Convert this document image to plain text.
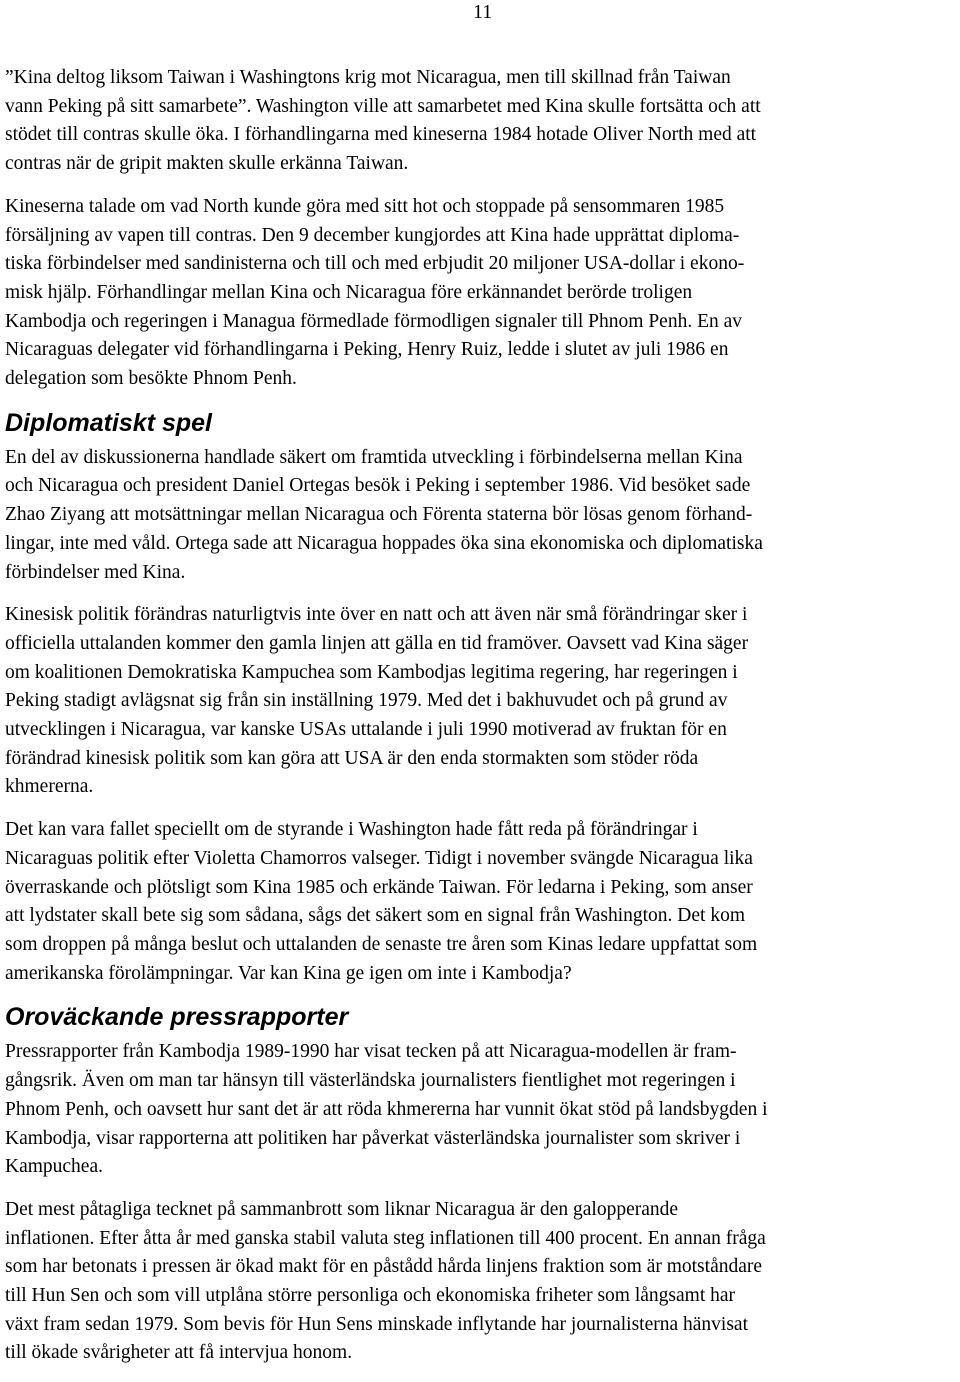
11
”Kina deltog liksom Taiwan i Washingtons krig mot Nicaragua, men till skillnad från Taiwan
vann Peking på sitt samarbete”. Washington ville att samarbetet med Kina skulle fortsätta och att
stödet till contras skulle öka. I förhandlingarna med kineserna 1984 hotade Oliver North med att
contras när de gripit makten skulle erkänna Taiwan.
Kineserna talade om vad North kunde göra med sitt hot och stoppade på sensommaren 1985
försäljning av vapen till contras. Den 9 december kungjordes att Kina hade upprättat diploma-
tiska förbindelser med sandinisterna och till och med erbjudit 20 miljoner USA-dollar i ekono-
misk hjälp. Förhandlingar mellan Kina och Nicaragua före erkännandet berörde troligen
Kambodja och regeringen i Managua förmedlade förmodligen signaler till Phnom Penh. En av
Nicaraguas delegater vid förhandlingarna i Peking, Henry Ruiz, ledde i slutet av juli 1986 en
delegation som besökte Phnom Penh.
Diplomatiskt spel
En del av diskussionerna handlade säkert om framtida utveckling i förbindelserna mellan Kina
och Nicaragua och president Daniel Ortegas besök i Peking i september 1986. Vid besöket sade
Zhao Ziyang att motsättningar mellan Nicaragua och Förenta staterna bör lösas genom förhand-
lingar, inte med våld. Ortega sade att Nicaragua hoppades öka sina ekonomiska och diplomatiska
förbindelser med Kina.
Kinesisk politik förändras naturligtvis inte över en natt och att även när små förändringar sker i
officiella uttalanden kommer den gamla linjen att gälla en tid framöver. Oavsett vad Kina säger
om koalitionen Demokratiska Kampuchea som Kambodjas legitima regering, har regeringen i
Peking stadigt avlägsnat sig från sin inställning 1979. Med det i bakhuvudet och på grund av
utvecklingen i Nicaragua, var kanske USAs uttalande i juli 1990 motiverad av fruktan för en
förändrad kinesisk politik som kan göra att USA är den enda stormakten som stöder röda
khmererna.
Det kan vara fallet speciellt om de styrande i Washington hade fått reda på förändringar i
Nicaraguas politik efter Violetta Chamorros valseger. Tidigt i november svängde Nicaragua lika
överraskande och plötsligt som Kina 1985 och erkände Taiwan. För ledarna i Peking, som anser
att lydstater skall bete sig som sådana, sågs det säkert som en signal från Washington. Det kom
som droppen på många beslut och uttalanden de senaste tre åren som Kinas ledare uppfattat som
amerikanska förolämpningar. Var kan Kina ge igen om inte i Kambodja?
Oroväckande pressrapporter
Pressrapporter från Kambodja 1989-1990 har visat tecken på att Nicaragua-modellen är fram-
gångsrik. Även om man tar hänsyn till västerländska journalisters fientlighet mot regeringen i
Phnom Penh, och oavsett hur sant det är att röda khmererna har vunnit ökat stöd på landsbygden i
Kambodja, visar rapporterna att politiken har påverkat västerländska journalister som skriver i
Kampuchea.
Det mest påtagliga tecknet på sammanbrott som liknar Nicaragua är den galopperande
inflationen. Efter åtta år med ganska stabil valuta steg inflationen till 400 procent. En annan fråga
som har betonats i pressen är ökad makt för en påstådd hårda linjens fraktion som är motståndare
till Hun Sen och som vill utplåna större personliga och ekonomiska friheter som långsamt har
växt fram sedan 1979. Som bevis för Hun Sens minskade inflytande har journalisterna hänvisat
till ökade svårigheter att få intervjua honom.
